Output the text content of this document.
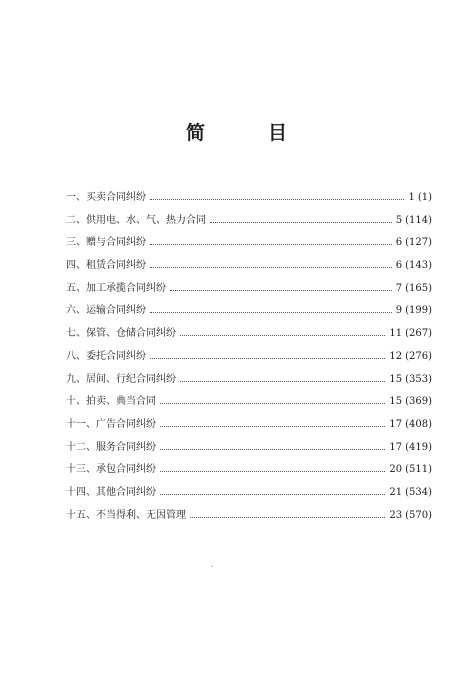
简　目
一、买卖合同纠纷	1 (1)
二、供用电、水、气、热力合同	5 (114)
三、赠与合同纠纷	6 (127)
四、租赁合同纠纷	6 (143)
五、加工承揽合同纠纷	7 (165)
六、运输合同纠纷	9 (199)
七、保管、仓储合同纠纷	11 (267)
八、委托合同纠纷	12 (276)
九、居间、行纪合同纠纷	15 (353)
十、拍卖、典当合同	15 (369)
十一、广告合同纠纷	17 (408)
十二、服务合同纠纷	17 (419)
十三、承包合同纠纷	20 (511)
十四、其他合同纠纷	21 (534)
十五、不当得利、无因管理	23 (570)
